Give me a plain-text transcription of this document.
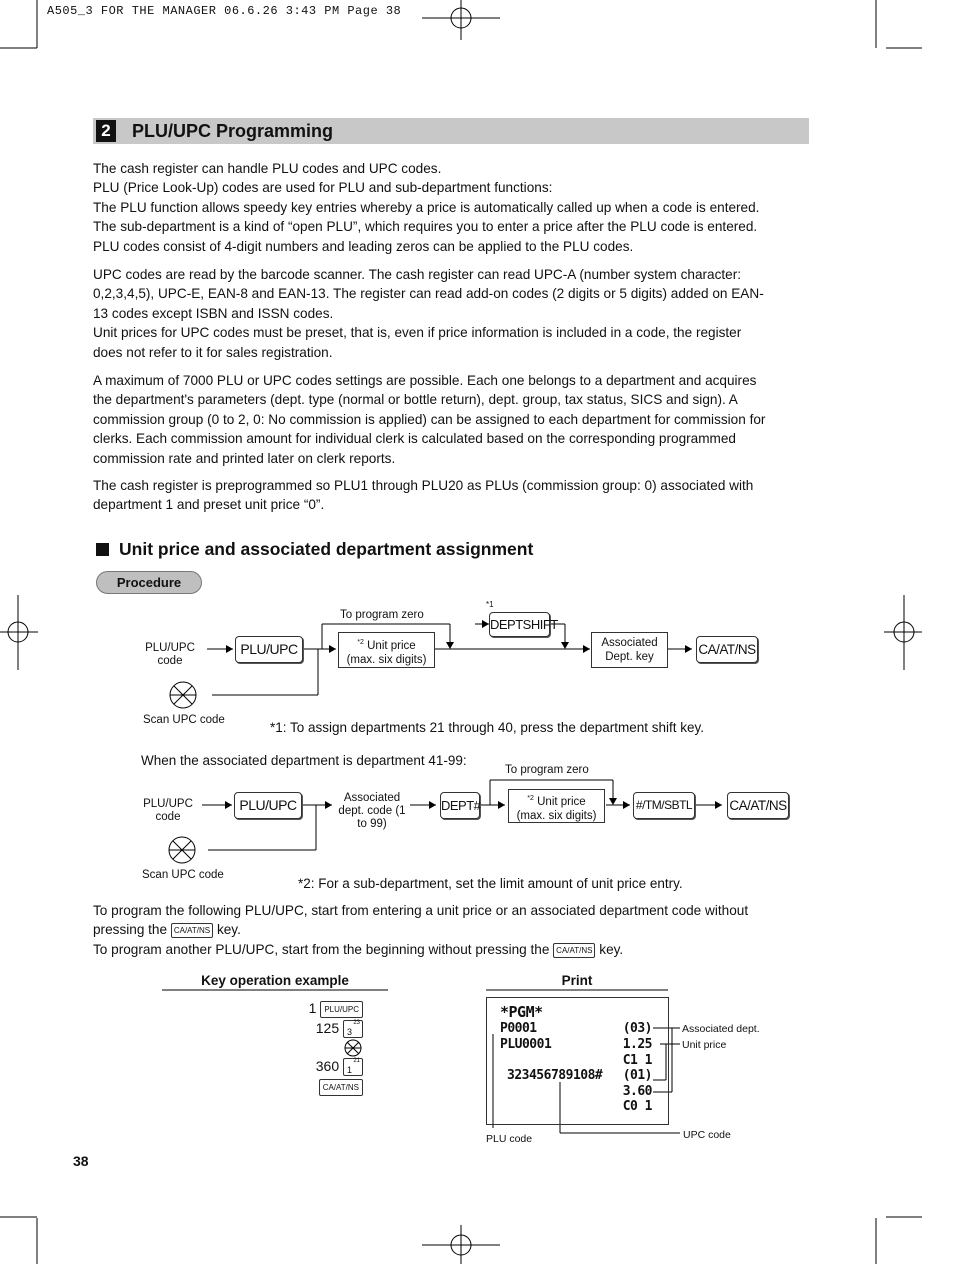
A505_3 FOR THE MANAGER 06.6.26 3:43 PM Page 38
2 PLU/UPC Programming

The cash register can handle PLU codes and UPC codes.

PLU (Price Look-Up) codes are used for PLU and sub-department functions:

The PLU function allows speedy key entries whereby a price is automatically called up when a code is entered.

The sub-department is a kind of “open PLU”, which requires you to enter a price after the PLU code is entered.

PLU codes consist of 4-digit numbers and leading zeros can be applied to the PLU codes.

UPC codes are read by the barcode scanner. The cash register can read UPC-A (number system character:

0,2,3,4,5), UPC-E, EAN-8 and EAN-13. The register can read add-on codes (2 digits or 5 digits) added on EAN-

13 codes except ISBN and ISSN codes.

Unit prices for UPC codes must be preset, that is, even if price information is included in a code, the register

does not refer to it for sales registration.

A maximum of 7000 PLU or UPC codes settings are possible. Each one belongs to a department and acquires

the department's parameters (dept. type (normal or bottle return), dept. group, tax status, SICS and sign). A

commission group (0 to 2, 0: No commission is applied) can be assigned to each department for commission for

clerks. Each commission amount for individual clerk is calculated based on the corresponding programmed

commission rate and printed later on clerk reports.

The cash register is preprogrammed so PLU1 through PLU20 as PLUs (commission group: 0) associated with

department 1 and preset unit price “0”.

Unit price and associated department assignment
Procedure
PLU/UPC code
PLU/UPC
Scan UPC code
To program zero
$^{*2}$ Unit price
(max. six digits)
*1
DEPTSHIFT
Associated Dept. key	CA/AT/NS
*1: To assign departments 21 through 40, press the department shift key.
When the associated department is department 41-99:
PLU/UPC code
PLU/UPC
Scan UPC code
Associated dept. code (1 to 99)
DEPT#
To program zero
$^{*2}$ Unit price
(max. six digits)
#/TM/SBTL	CA/AT/NS
*2: For a sub-department, set the limit amount of unit price entry.

To program the following PLU/UPC, start from entering a unit price or an associated department code without

pressing the CA/AT/NS key.

To program another PLU/UPC, start from the beginning without pressing the CA/AT/NS key.

Key operation example	Print
1 PLU/UPC
125 23
3
360 21
1
CA/AT/NS
*PGM*
P0001	(03)
PLU0001	1.25
C1 1
323456789108#	(01)
3.60
C0 1
Associated dept.
Unit price
PLU code	UPC code
38
